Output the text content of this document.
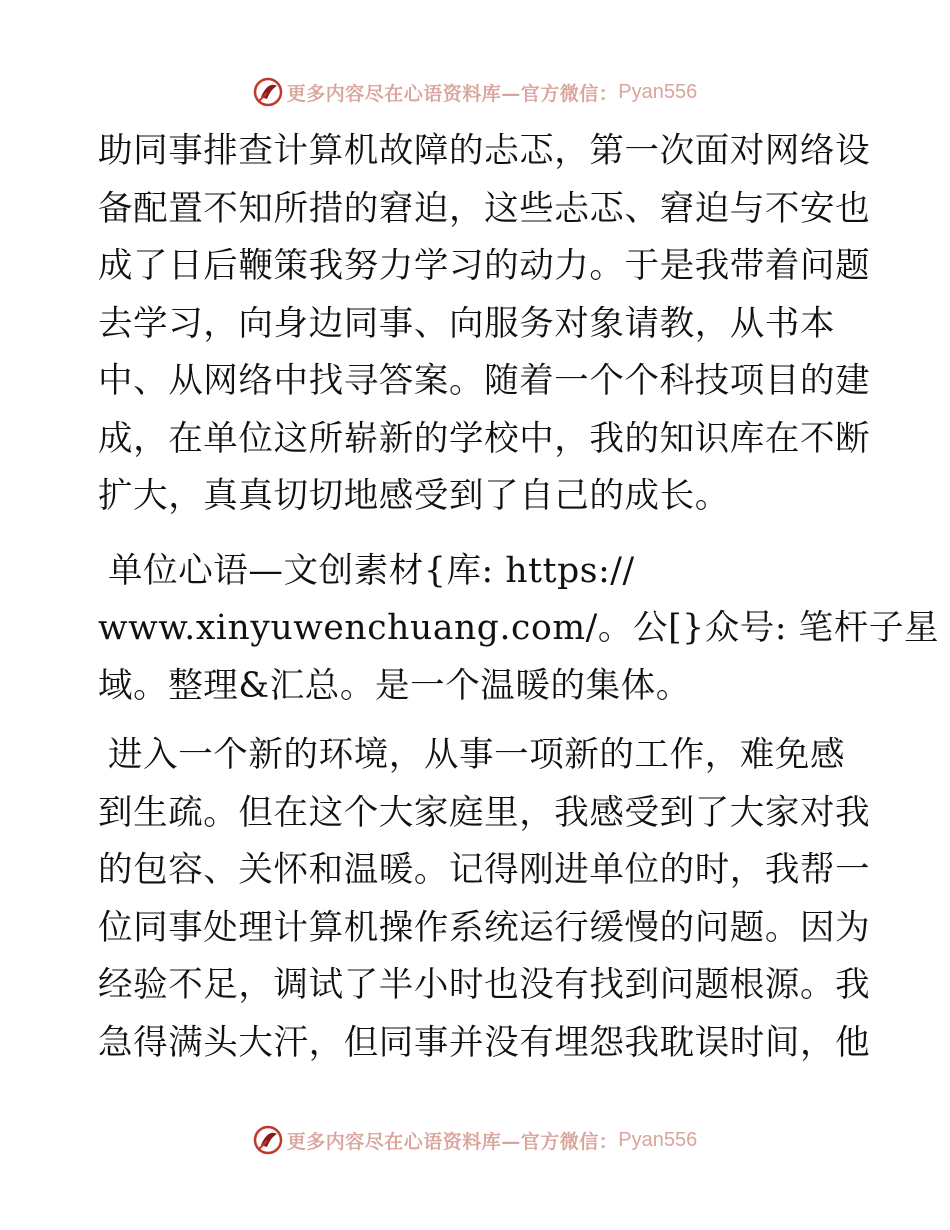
更多内容尽在心语资料库—官方微信： Pyan556

助同事排查计算机故障的忐忑，第一次面对网络设
备配置不知所措的窘迫，这些忐忑、窘迫与不安也
成了日后鞭策我努力学习的动力。于是我带着问题
去学习，向身边同事、向服务对象请教，从书本
中、从网络中找寻答案。随着一个个科技项目的建
成，在单位这所崭新的学校中，我的知识库在不断
扩大，真真切切地感受到了自己的成长。

单位心语—文创素材{库: https://
www.xinyuwenchuang.com/。公[}众号: 笔杆子星
域。整理&汇总。是一个温暖的集体。

进入一个新的环境，从事一项新的工作，难免感
到生疏。但在这个大家庭里，我感受到了大家对我
的包容、关怀和温暖。记得刚进单位的时，我帮一
位同事处理计算机操作系统运行缓慢的问题。因为
经验不足，调试了半小时也没有找到问题根源。我
急得满头大汗，但同事并没有埋怨我耽误时间，他

更多内容尽在心语资料库—官方微信： Pyan556
